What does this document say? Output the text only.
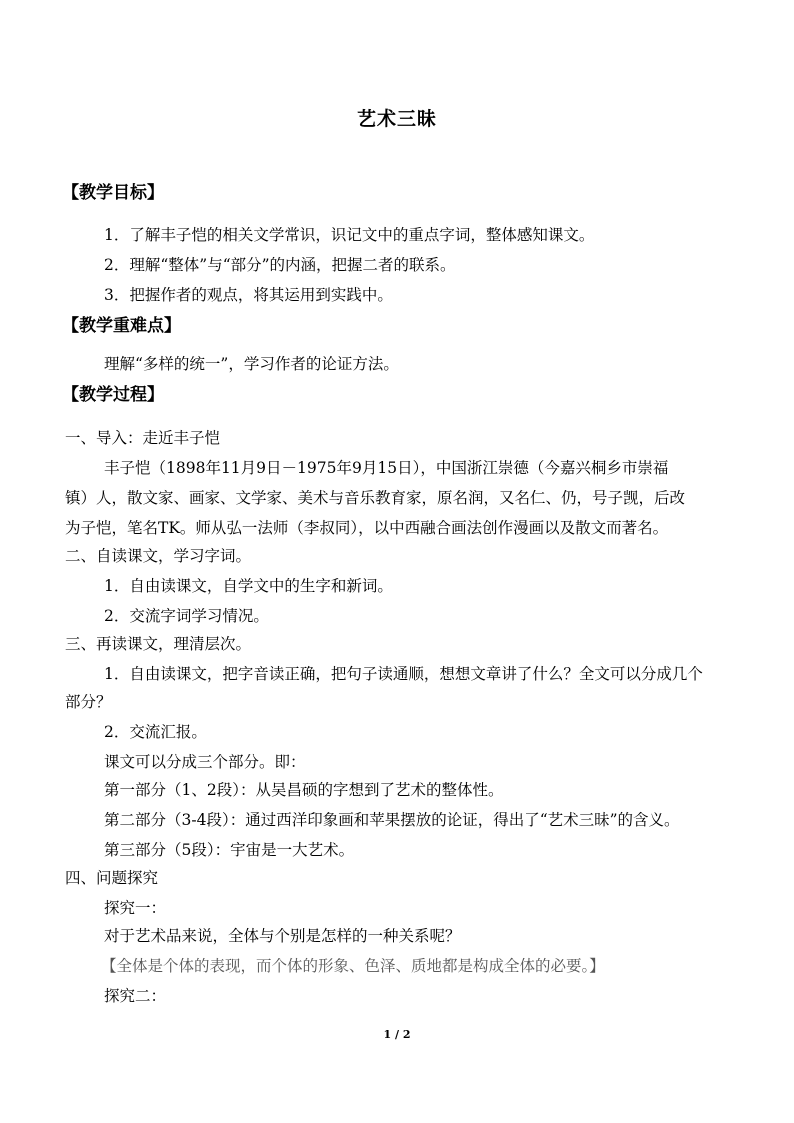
艺术三昧
【教学目标】
1．了解丰子恺的相关文学常识，识记文中的重点字词，整体感知课文。
2．理解“整体”与“部分”的内涵，把握二者的联系。
3．把握作者的观点，将其运用到实践中。
【教学重难点】
理解“多样的统一”，学习作者的论证方法。
【教学过程】
一、导入：走近丰子恺
丰子恺（1898年11月9日－1975年9月15日），中国浙江崇德（今嘉兴桐乡市崇福
镇）人，散文家、画家、文学家、美术与音乐教育家，原名润，又名仁、仍，号子觊，后改
为子恺，笔名TK。师从弘一法师（李叔同），以中西融合画法创作漫画以及散文而著名。
二、自读课文，学习字词。
1．自由读课文，自学文中的生字和新词。
2．交流字词学习情况。
三、再读课文，理清层次。
1．自由读课文，把字音读正确，把句子读通顺，想想文章讲了什么？全文可以分成几个
部分？
2．交流汇报。
课文可以分成三个部分。即：
第一部分（1、2段）：从吴昌硕的字想到了艺术的整体性。
第二部分（3-4段）：通过西洋印象画和苹果摆放的论证，得出了“艺术三昧”的含义。
第三部分（5段）：宇宙是一大艺术。
四、问题探究
探究一：
对于艺术品来说，全体与个别是怎样的一种关系呢？
【全体是个体的表现，而个体的形象、色泽、质地都是构成全体的必要。】
探究二：
1 / 2
